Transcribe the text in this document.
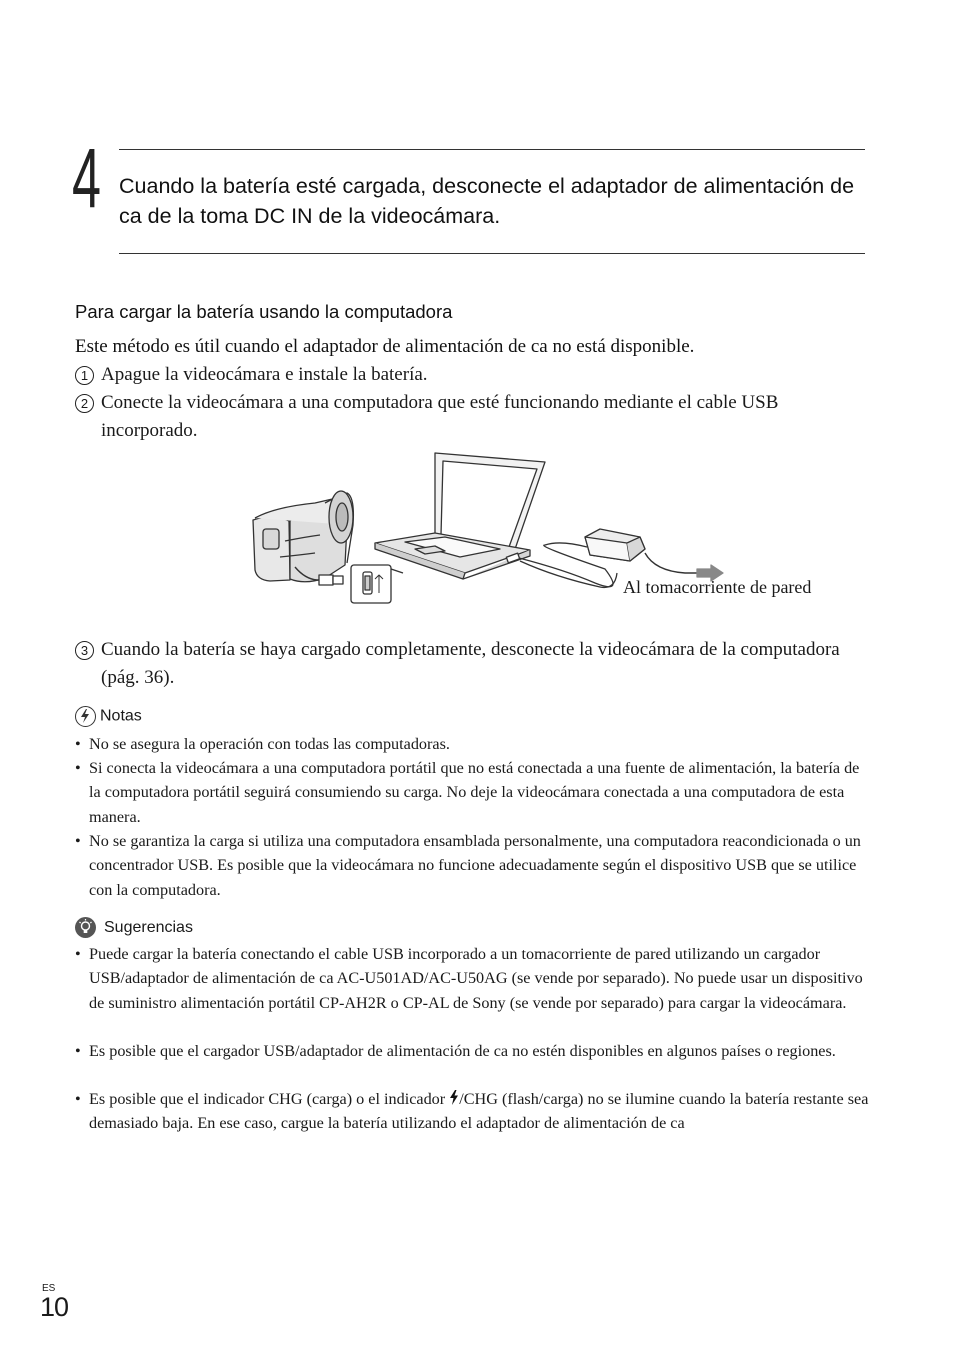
4 Cuando la batería esté cargada, desconecte el adaptador de alimentación de ca de la toma DC IN de la videocámara.
Para cargar la batería usando la computadora
Este método es útil cuando el adaptador de alimentación de ca no está disponible.
1 Apague la videocámara e instale la batería.
2 Conecte la videocámara a una computadora que esté funcionando mediante el cable USB incorporado.
Al tomacorriente de pared
3 Cuando la batería se haya cargado completamente, desconecte la videocámara de la computadora (pág. 36).
Notas
• No se asegura la operación con todas las computadoras.
• Si conecta la videocámara a una computadora portátil que no está conectada a una fuente de alimentación, la batería de la computadora portátil seguirá consumiendo su carga. No deje la videocámara conectada a una computadora de esta manera.
• No se garantiza la carga si utiliza una computadora ensamblada personalmente, una computadora reacondicionada o un concentrador USB. Es posible que la videocámara no funcione adecuadamente según el dispositivo USB que se utilice con la computadora.
Sugerencias
• Puede cargar la batería conectando el cable USB incorporado a un tomacorriente de pared utilizando un cargador USB/adaptador de alimentación de ca AC-U501AD/AC-U50AG (se vende por separado). No puede usar un dispositivo de suministro alimentación portátil CP-AH2R o CP-AL de Sony (se vende por separado) para cargar la videocámara.
• Es posible que el cargador USB/adaptador de alimentación de ca no estén disponibles en algunos países o regiones.
• Es posible que el indicador CHG (carga) o el indicador /CHG (flash/carga) no se ilumine cuando la batería restante sea demasiado baja. En ese caso, cargue la batería utilizando el adaptador de alimentación de ca
ES
10
